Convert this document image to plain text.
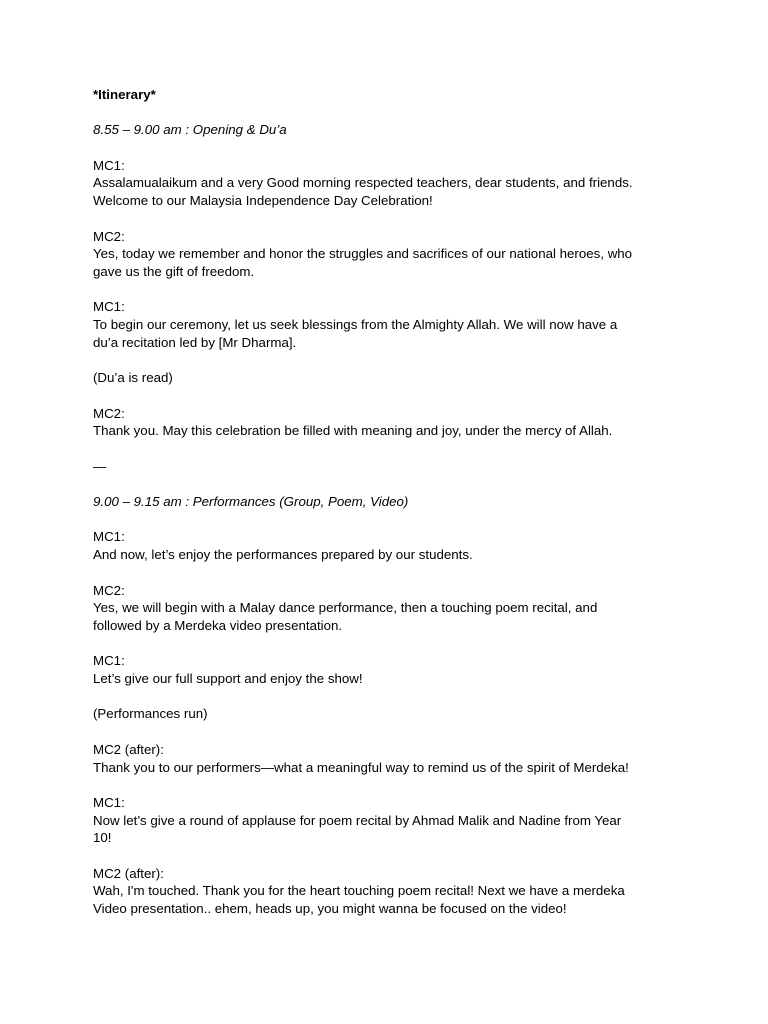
*Itinerary*
8.55 – 9.00 am : Opening & Du’a
MC1:
Assalamualaikum and a very Good morning respected teachers, dear students, and friends.
Welcome to our Malaysia Independence Day Celebration!
MC2:
Yes, today we remember and honor the struggles and sacrifices of our national heroes, who
gave us the gift of freedom.
MC1:
To begin our ceremony, let us seek blessings from the Almighty Allah. We will now have a
du’a recitation led by [Mr Dharma].
(Du’a is read)
MC2:
Thank you. May this celebration be filled with meaning and joy, under the mercy of Allah.
—
9.00 – 9.15 am : Performances (Group, Poem, Video)
MC1:
And now, let’s enjoy the performances prepared by our students.
MC2:
Yes, we will begin with a Malay dance performance, then a touching poem recital, and
followed by a Merdeka video presentation.
MC1:
Let’s give our full support and enjoy the show!
(Performances run)
MC2 (after):
Thank you to our performers—what a meaningful way to remind us of the spirit of Merdeka!
MC1:
Now let’s give a round of applause for poem recital by Ahmad Malik and Nadine from Year
10!
MC2 (after):
Wah, I'm touched. Thank you for the heart touching poem recital! Next we have a merdeka
Video presentation.. ehem, heads up, you might wanna be focused on the video!
